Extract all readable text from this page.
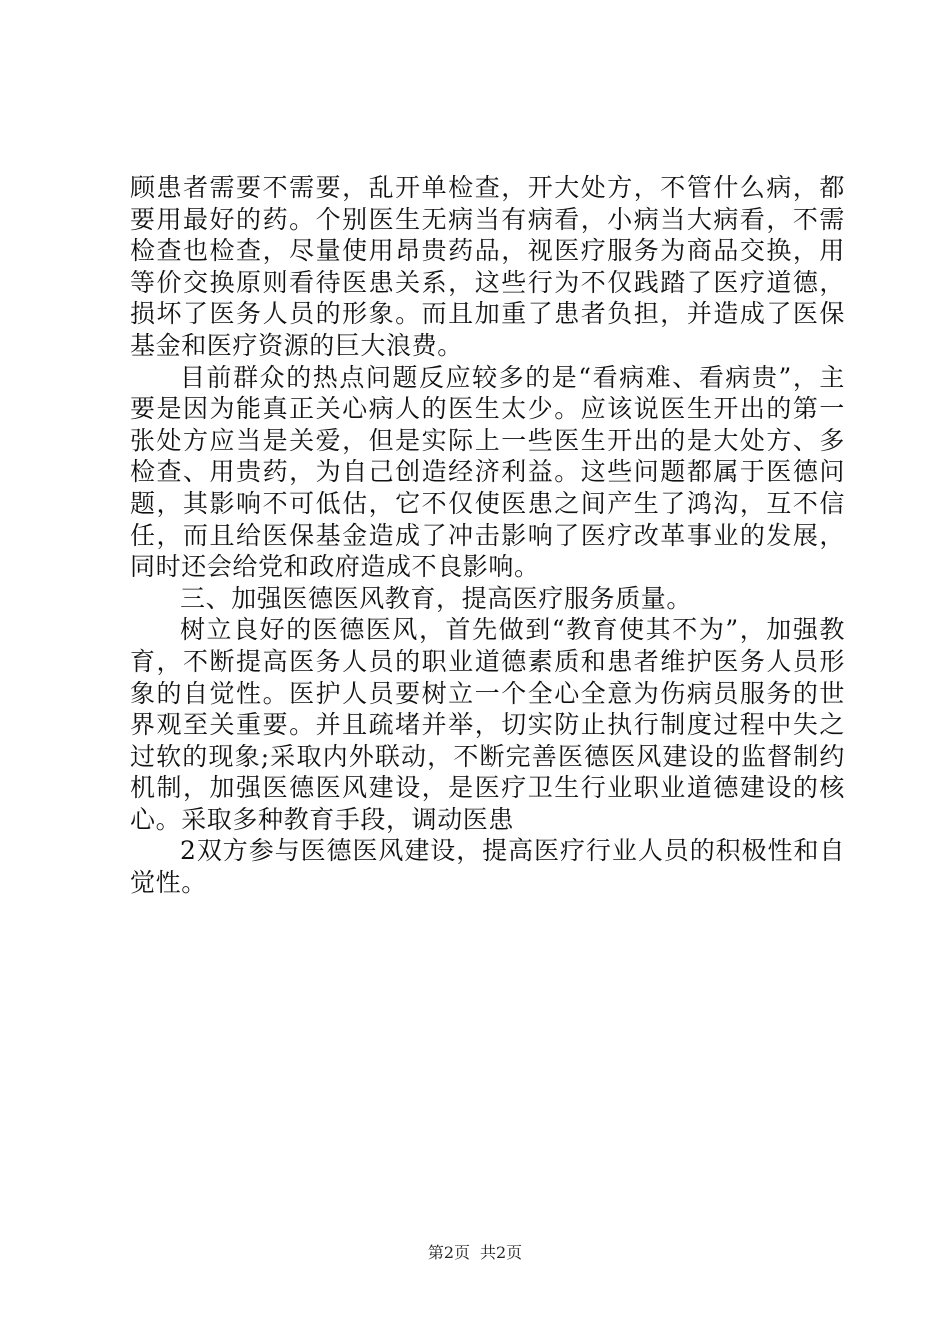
顾患者需要不需要，乱开单检查，开大处方，不管什么病，都要用最好的药。个别医生无病当有病看，小病当大病看，不需检查也检查，尽量使用昂贵药品，视医疗服务为商品交换，用等价交换原则看待医患关系，这些行为不仅践踏了医疗道德，损坏了医务人员的形象。而且加重了患者负担，并造成了医保基金和医疗资源的巨大浪费。

目前群众的热点问题反应较多的是“看病难、看病贵”，主要是因为能真正关心病人的医生太少。应该说医生开出的第一张处方应当是关爱，但是实际上一些医生开出的是大处方、多检查、用贵药，为自己创造经济利益。这些问题都属于医德问题，其影响不可低估，它不仅使医患之间产生了鸿沟，互不信任，而且给医保基金造成了冲击影响了医疗改革事业的发展，同时还会给党和政府造成不良影响。

三、加强医德医风教育，提高医疗服务质量。

树立良好的医德医风，首先做到“教育使其不为”，加强教育，不断提高医务人员的职业道德素质和患者维护医务人员形象的自觉性。医护人员要树立一个全心全意为伤病员服务的世界观至关重要。并且疏堵并举，切实防止执行制度过程中失之过软的现象;采取内外联动，不断完善医德医风建设的监督制约机制，加强医德医风建设，是医疗卫生行业职业道德建设的核心。采取多种教育手段，调动医患

2双方参与医德医风建设，提高医疗行业人员的积极性和自觉性。

第2页 共2页
